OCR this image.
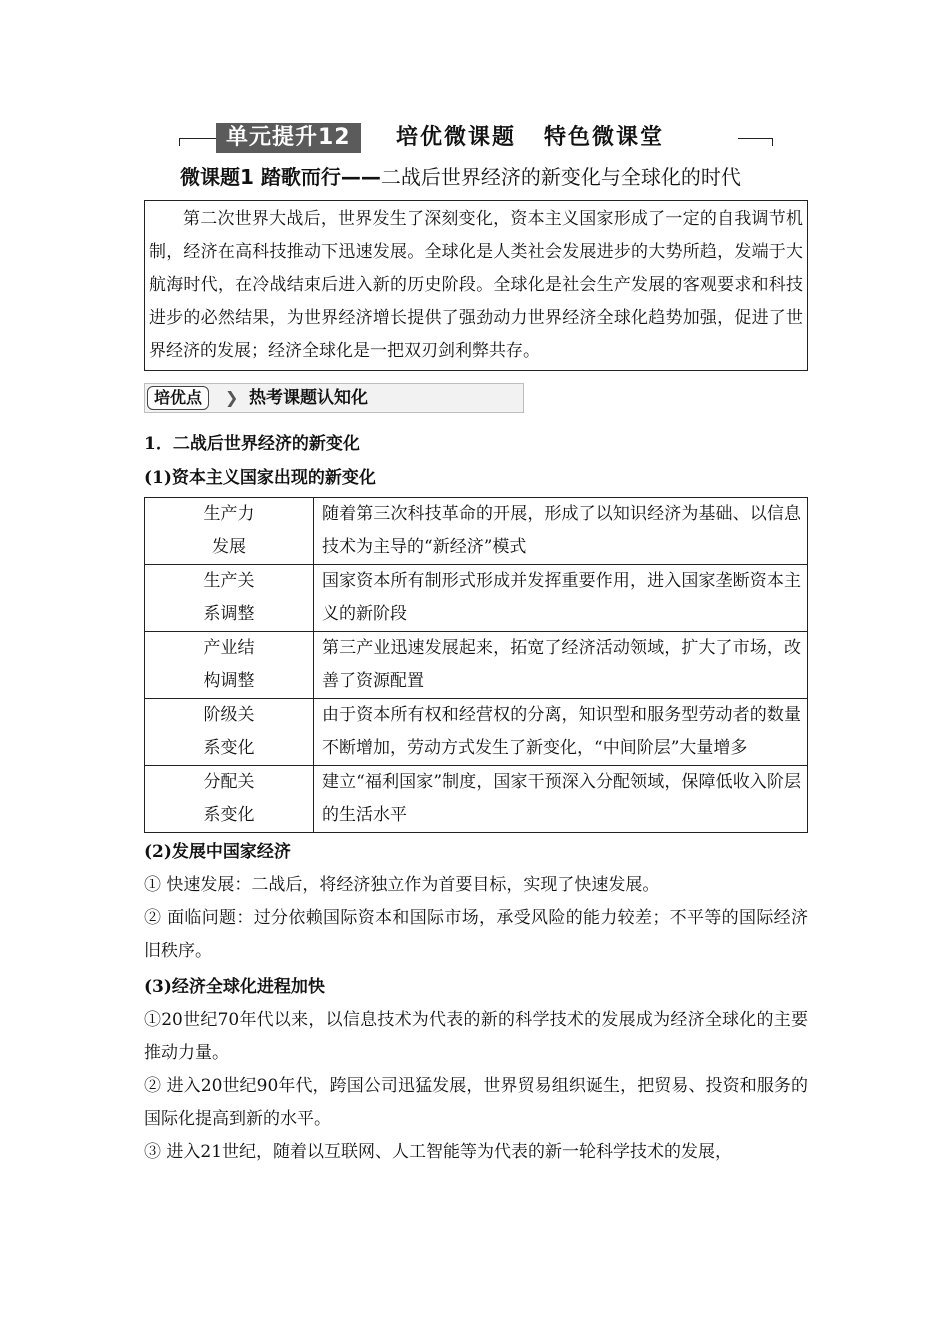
单元提升12	培优微课题 特色微课堂
微课题1 踏歌而行——二战后世界经济的新变化与全球化的时代
第二次世界大战后，世界发生了深刻变化，资本主义国家形成了一定的自我调节机制，经济在高科技推动下迅速发展。全球化是人类社会发展进步的大势所趋，发端于大航海时代，在冷战结束后进入新的历史阶段。全球化是社会生产发展的客观要求和科技进步的必然结果，为世界经济增长提供了强劲动力世界经济全球化趋势加强，促进了世界经济的发展；经济全球化是一把双刃剑利弊共存。
培优点	❯ 热考课题认知化
1．二战后世界经济的新变化
(1)资本主义国家出现的新变化
生产力
发展	随着第三次科技革命的开展，形成了以知识经济为基础、以信息技术为主导的“新经济”模式

生产关
系调整	国家资本所有制形式形成并发挥重要作用，进入国家垄断资本主义的新阶段

产业结
构调整	第三产业迅速发展起来，拓宽了经济活动领域，扩大了市场，改善了资源配置

阶级关
系变化	由于资本所有权和经营权的分离，知识型和服务型劳动者的数量不断增加，劳动方式发生了新变化，“中间阶层”大量增多

分配关
系变化	建立“福利国家”制度，国家干预深入分配领域，保障低收入阶层的生活水平
(2)发展中国家经济
① 快速发展：二战后，将经济独立作为首要目标，实现了快速发展。
② 面临问题：过分依赖国际资本和国际市场，承受风险的能力较差；不平等的国际经济旧秩序。
(3)经济全球化进程加快
①20世纪70年代以来，以信息技术为代表的新的科学技术的发展成为经济全球化的主要推动力量。
② 进入20世纪90年代，跨国公司迅猛发展，世界贸易组织诞生，把贸易、投资和服务的国际化提高到新的水平。
③ 进入21世纪，随着以互联网、人工智能等为代表的新一轮科学技术的发展，
